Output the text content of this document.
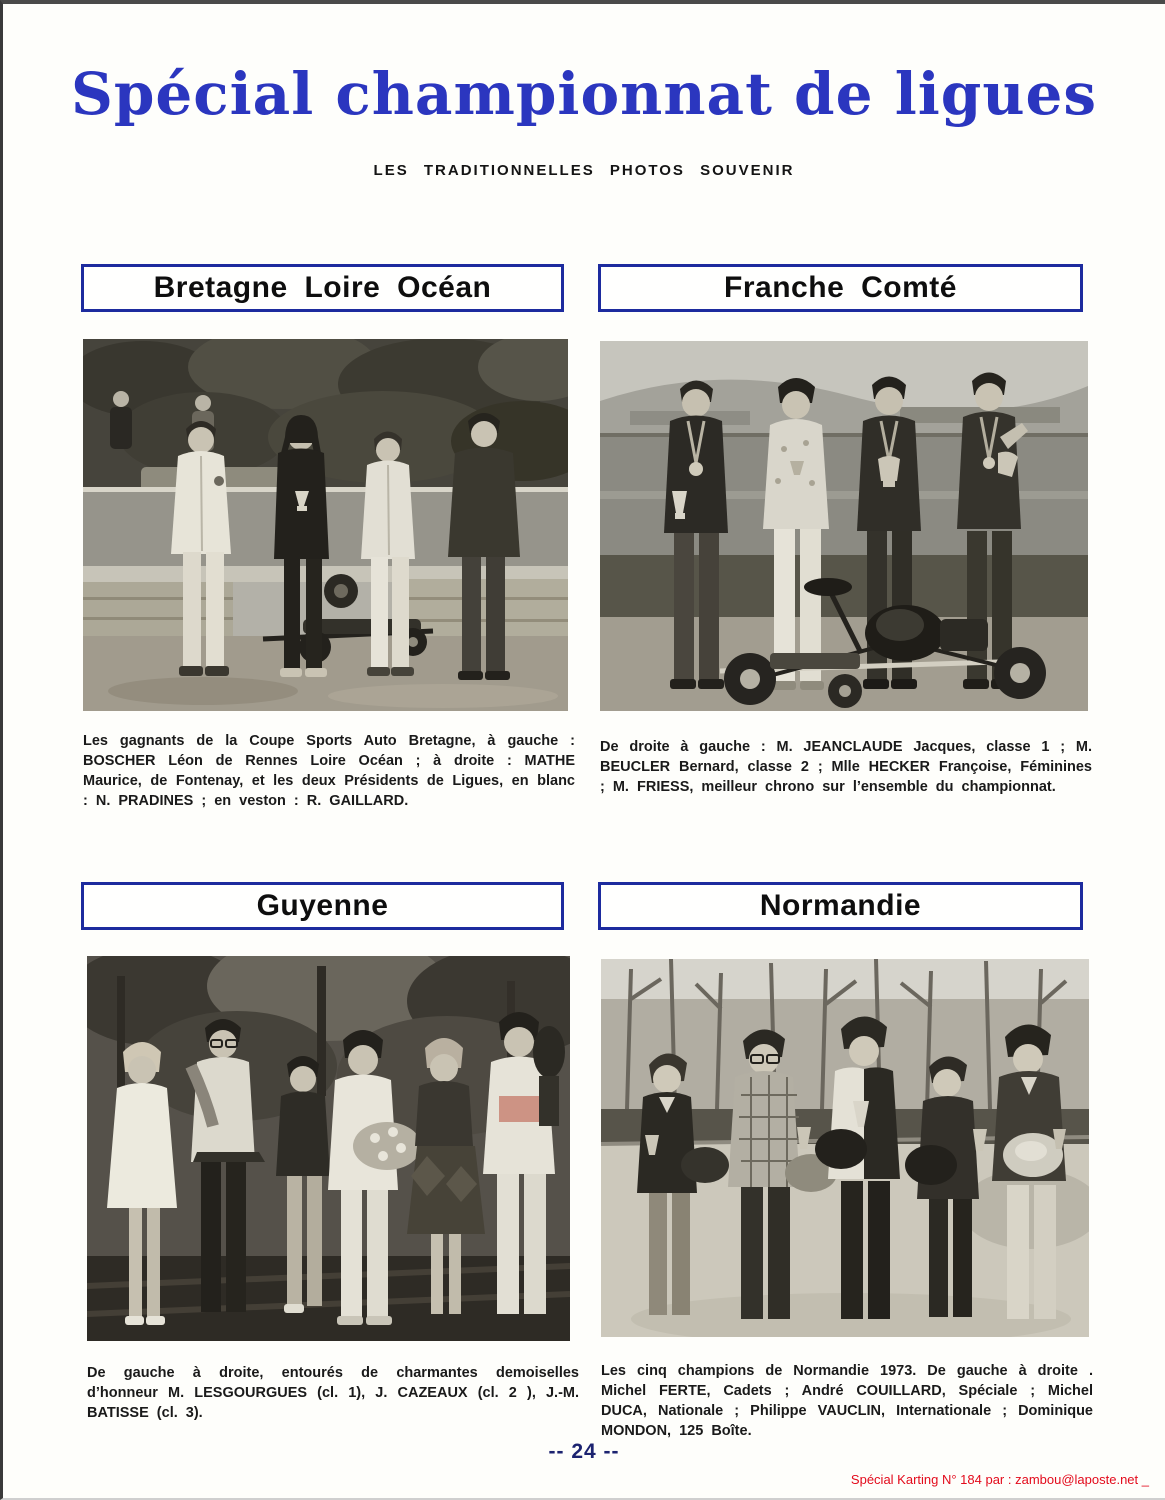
Spécial championnat de ligues
LES TRADITIONNELLES PHOTOS SOUVENIR
Bretagne Loire Océan	Franche Comté
Guyenne	Normandie

Les gagnants de la Coupe Sports Auto Bretagne, à gauche : BOSCHER Léon de Rennes Loire Océan ; à droite : MATHE Maurice, de Fontenay, et les deux Présidents de Ligues, en blanc : N. PRADINES ; en veston : R. GAILLARD.

De droite à gauche : M. JEANCLAUDE Jacques, classe 1 ; M. BEUCLER Bernard, classe 2 ; Mlle HECKER Françoise, Féminines ; M. FRIESS, meilleur chrono sur l’ensemble du championnat.

De gauche à droite, entourés de charmantes demoiselles d’honneur M. LESGOURGUES (cl. 1), J. CAZEAUX (cl. 2 ), J.-M. BATISSE (cl. 3).

Les cinq champions de Normandie 1973. De gauche à droite . Michel FERTE, Cadets ; André COUILLARD, Spéciale ; Michel DUCA, Nationale ; Philippe VAUCLIN, Internationale ; Dominique MONDON, 125 Boîte.

-- 24 --
Spécial Karting N° 184 par : zambou@laposte.net _
